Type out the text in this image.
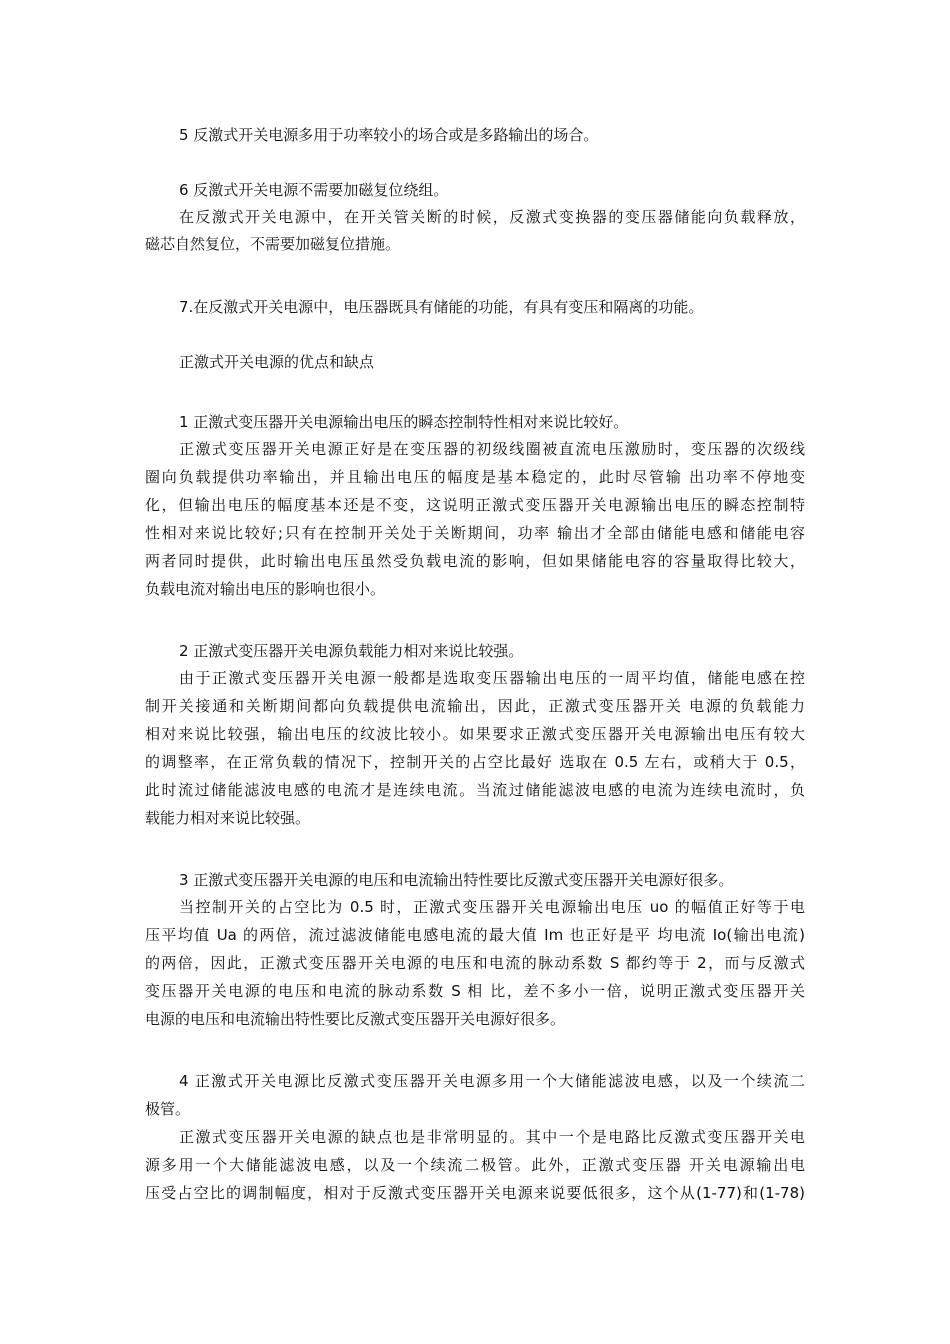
5 反激式开关电源多用于功率较小的场合或是多路输出的场合。

6 反激式开关电源不需要加磁复位绕组。

在反激式开关电源中，在开关管关断的时候，反激式变换器的变压器储能向负载释放，

磁芯自然复位，不需要加磁复位措施。

7.在反激式开关电源中，电压器既具有储能的功能，有具有变压和隔离的功能。

正激式开关电源的优点和缺点

1 正激式变压器开关电源输出电压的瞬态控制特性相对来说比较好。

正激式变压器开关电源正好是在变压器的初级线圈被直流电压激励时，变压器的次级线

圈向负载提供功率输出，并且输出电压的幅度是基本稳定的，此时尽管输 出功率不停地变

化，但输出电压的幅度基本还是不变，这说明正激式变压器开关电源输出电压的瞬态控制特

性相对来说比较好;只有在控制开关处于关断期间，功率 输出才全部由储能电感和储能电容

两者同时提供，此时输出电压虽然受负载电流的影响，但如果储能电容的容量取得比较大，

负载电流对输出电压的影响也很小。

2 正激式变压器开关电源负载能力相对来说比较强。

由于正激式变压器开关电源一般都是选取变压器输出电压的一周平均值，储能电感在控

制开关接通和关断期间都向负载提供电流输出，因此，正激式变压器开关 电源的负载能力

相对来说比较强，输出电压的纹波比较小。如果要求正激式变压器开关电源输出电压有较大

的调整率，在正常负载的情况下，控制开关的占空比最好 选取在 0.5 左右，或稍大于 0.5，

此时流过储能滤波电感的电流才是连续电流。当流过储能滤波电感的电流为连续电流时，负

载能力相对来说比较强。

3 正激式变压器开关电源的电压和电流输出特性要比反激式变压器开关电源好很多。

当控制开关的占空比为 0.5 时，正激式变压器开关电源输出电压 uo 的幅值正好等于电

压平均值 Ua 的两倍，流过滤波储能电感电流的最大值 Im 也正好是平 均电流 Io(输出电流)

的两倍，因此，正激式变压器开关电源的电压和电流的脉动系数 S 都约等于 2，而与反激式

变压器开关电源的电压和电流的脉动系数 S 相 比，差不多小一倍，说明正激式变压器开关

电源的电压和电流输出特性要比反激式变压器开关电源好很多。

4 正激式开关电源比反激式变压器开关电源多用一个大储能滤波电感，以及一个续流二

极管。

正激式变压器开关电源的缺点也是非常明显的。其中一个是电路比反激式变压器开关电

源多用一个大储能滤波电感，以及一个续流二极管。此外，正激式变压器 开关电源输出电

压受占空比的调制幅度，相对于反激式变压器开关电源来说要低很多，这个从(1-77)和(1-78)
